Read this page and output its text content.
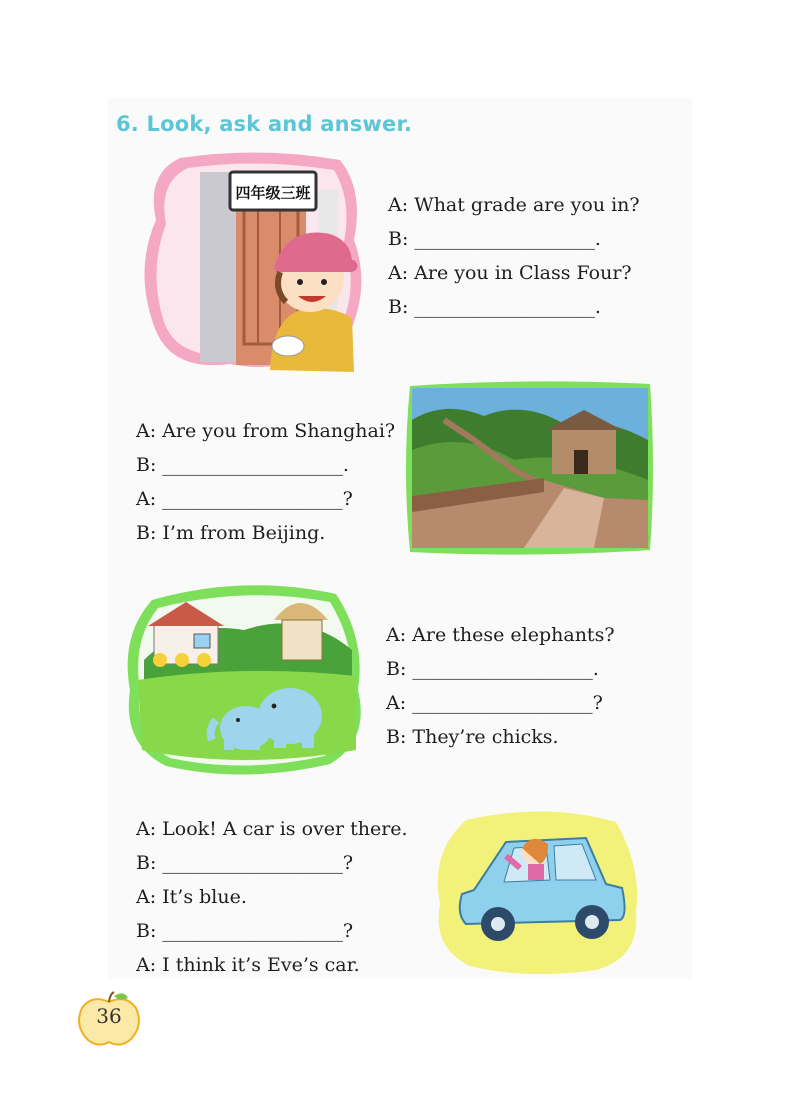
6. Look, ask and answer.
四年级三班
A: What grade are you in?
B: ___________________.
A: Are you in Class Four?
B: ___________________.
A: Are you from Shanghai?
B: ___________________.
A: ___________________?
B: I’m from Beijing.
A: Are these elephants?
B: ___________________.
A: ___________________?
B: They’re chicks.
A: Look! A car is over there.
B: ___________________?
A: It’s blue.
B: ___________________?
A: I think it’s Eve’s car.
36
